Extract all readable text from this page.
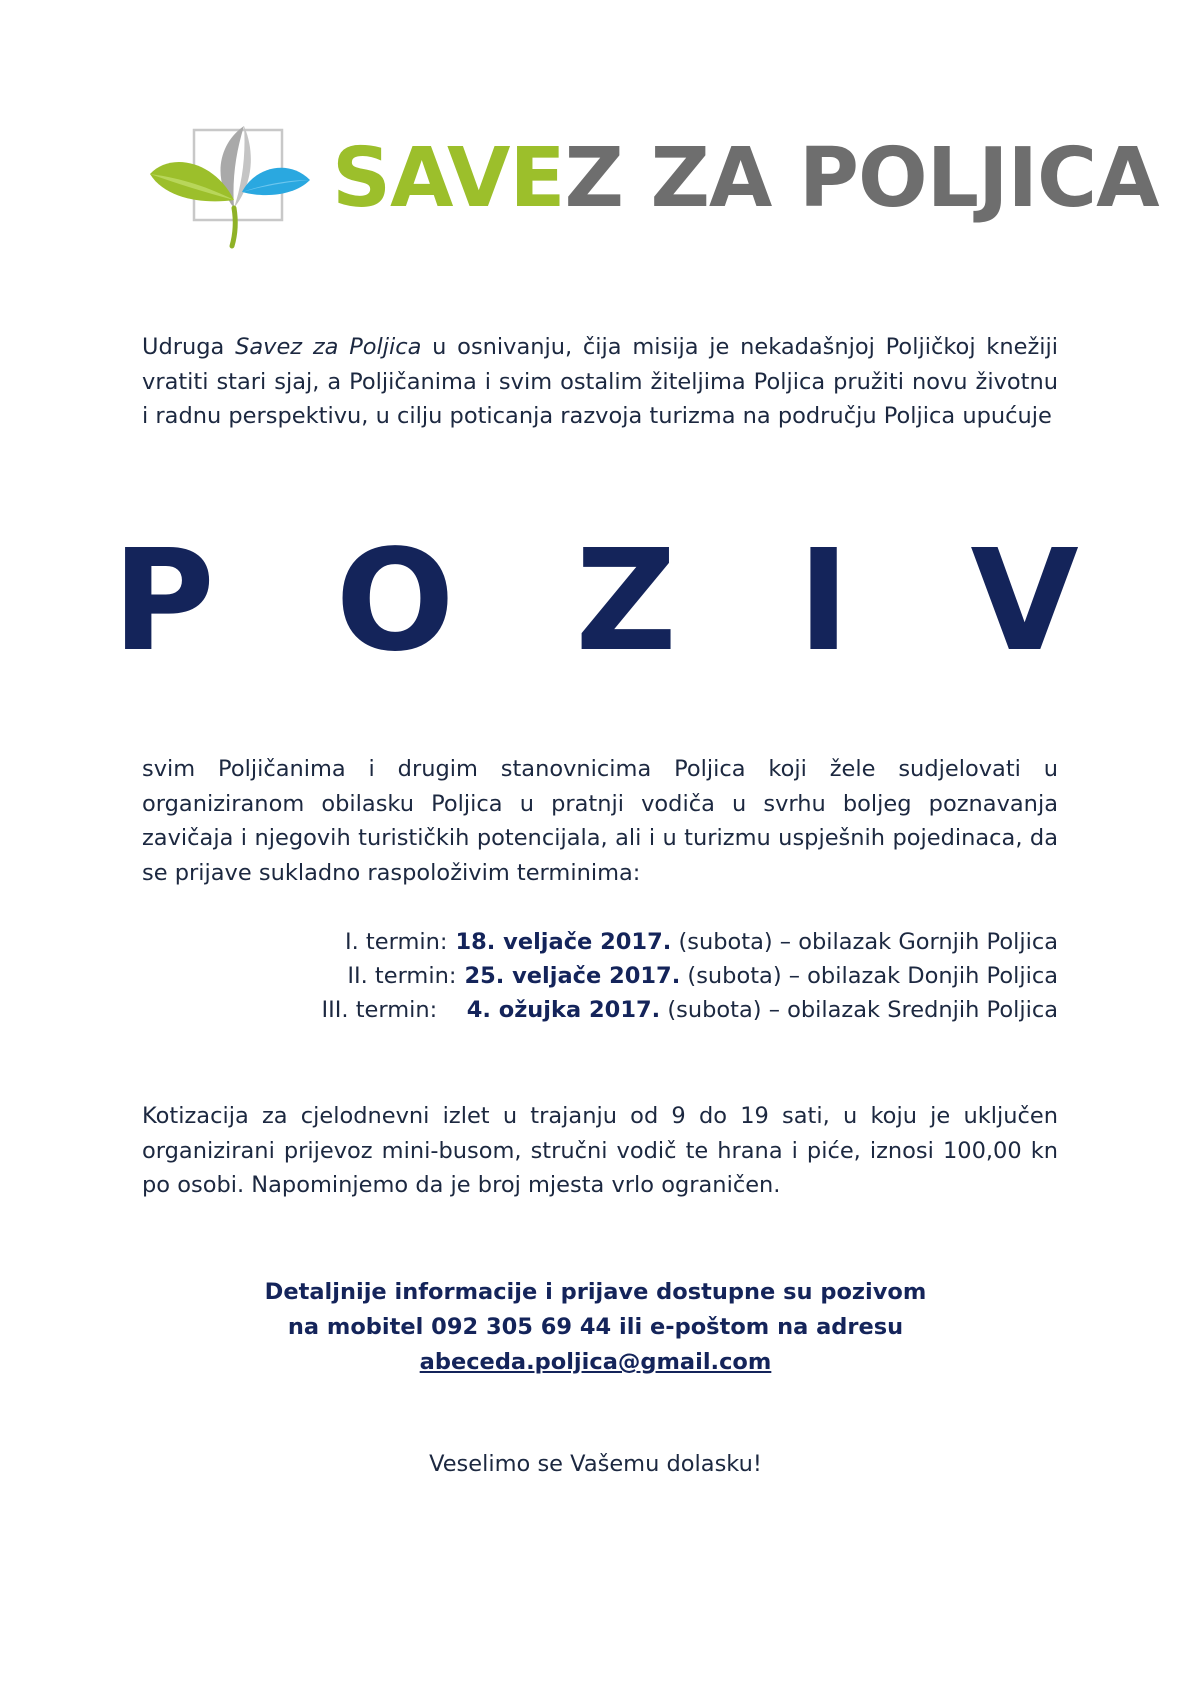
SAVEZ ZA POLJICA
Udruga Savez za Poljica u osnivanju, čija misija je nekadašnjoj Poljičkoj knežiji vratiti stari sjaj, a Poljičanima i svim ostalim žiteljima Poljica pružiti novu životnu i radnu perspektivu, u cilju poticanja razvoja turizma na području Poljica upućuje
P O Z I V
svim Poljičanima i drugim stanovnicima Poljica koji žele sudjelovati u organiziranom obilasku Poljica u pratnji vodiča u svrhu boljeg poznavanja zavičaja i njegovih turističkih potencijala, ali i u turizmu uspješnih pojedinaca, da se prijave sukladno raspoloživim terminima:
I. termin: 18. veljače 2017. (subota) – obilazak Gornjih Poljica
II. termin: 25. veljače 2017. (subota) – obilazak Donjih Poljica
III. termin: 4. ožujka 2017. (subota) – obilazak Srednjih Poljica
Kotizacija za cjelodnevni izlet u trajanju od 9 do 19 sati, u koju je uključen organizirani prijevoz mini-busom, stručni vodič te hrana i piće, iznosi 100,00 kn po osobi. Napominjemo da je broj mjesta vrlo ograničen.
Detaljnije informacije i prijave dostupne su pozivom
na mobitel 092 305 69 44 ili e-poštom na adresu
abeceda.poljica@gmail.com
Veselimo se Vašemu dolasku!
